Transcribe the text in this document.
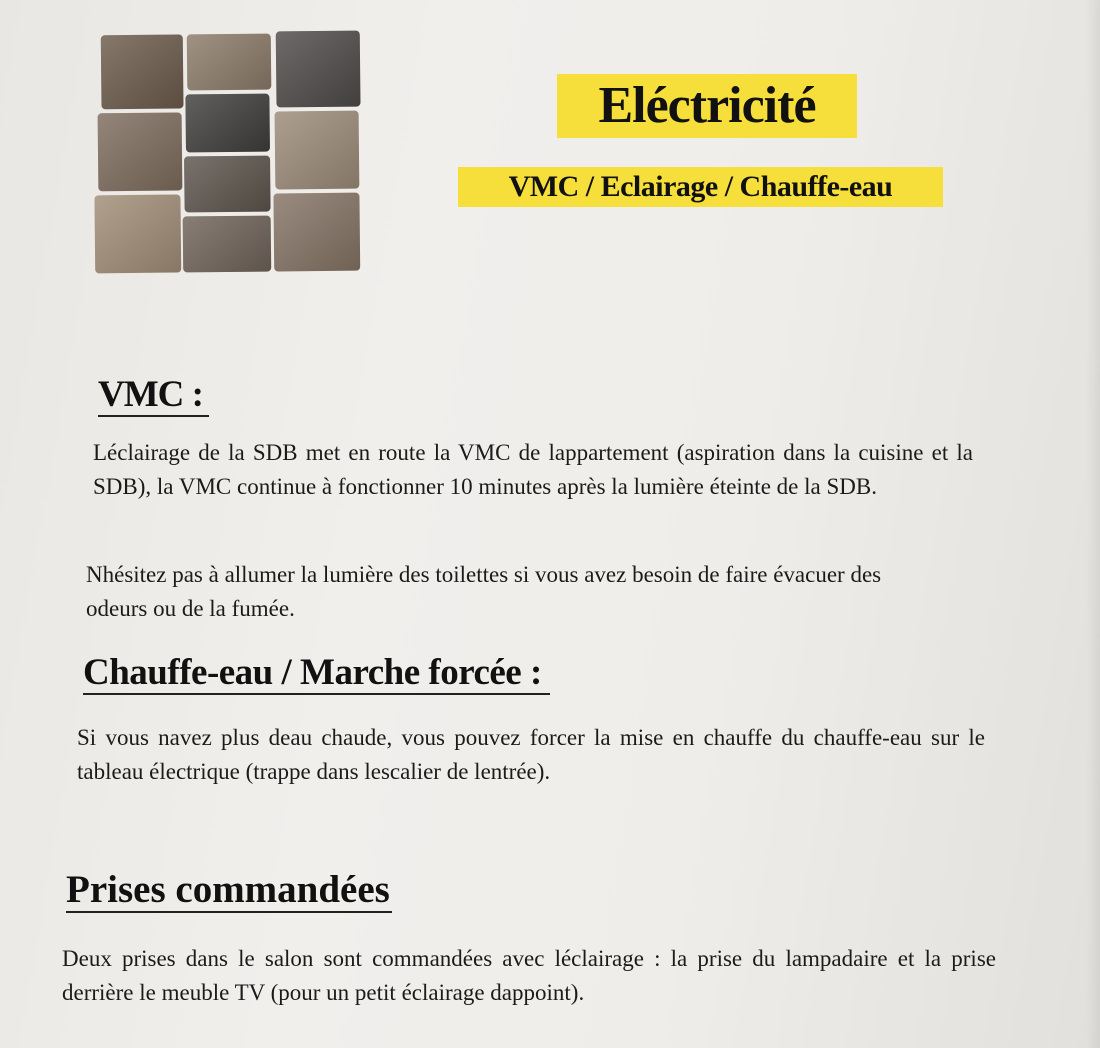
Eléctricité
VMC / Eclairage / Chauffe-eau
VMC :
Léclairage de la SDB met en route la VMC de lappartement (aspiration dans la cuisine et la SDB), la VMC continue à fonctionner 10 minutes après la lumière éteinte de la SDB.
Nhésitez pas à allumer la lumière des toilettes si vous avez besoin de faire évacuer des odeurs ou de la fumée.
Chauffe-eau / Marche forcée :
Si vous navez plus deau chaude, vous pouvez forcer la mise en chauffe du chauffe-eau sur le tableau électrique (trappe dans lescalier de lentrée).
Prises commandées
Deux prises dans le salon sont commandées avec léclairage : la prise du lampadaire et la prise derrière le meuble TV (pour un petit éclairage dappoint).
